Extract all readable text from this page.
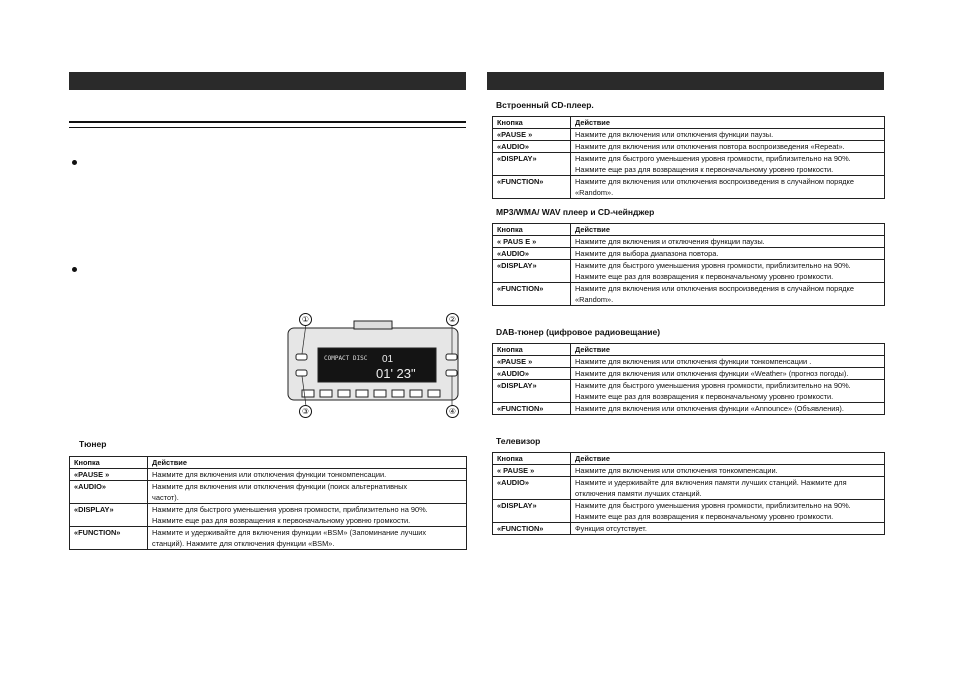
COMPACT DISC 01
01' 23"
①	②
③	④
Тюнер
Встроенный CD-плеер.
MP3/WMA/ WAV плеер и CD-чейнджер
DAB-тюнер (цифровое радиовещание)
Телевизор
Кнопка	Действие
«PAUSE »	Нажмите для включения или отключения функции тонкомпенсации.

«AUDIO»	Нажмите для включения или отключения функции (поиск альтернативных
частот).

«DISPLAY»	Нажмите для быстрого уменьшения уровня громкости, приблизительно на 90%.
Нажмите еще раз для возвращения к первоначальному уровню громкости.

«FUNCTION»	Нажмите и удерживайте для включения функции «BSM» (Запоминание лучших
станций). Нажмите для отключения функции «BSM».
Кнопка	Действие
«PAUSE »	Нажмите для включения или отключения функции паузы.

«AUDIO»	Нажмите для включения или отключения повтора воспроизведения «Repeat».

«DISPLAY»	Нажмите для быстрого уменьшения уровня громкости, приблизительно на 90%.
Нажмите еще раз для возвращения к первоначальному уровню громкости.

«FUNCTION»	Нажмите для включения или отключения воспроизведения в случайном порядке
«Random».
Кнопка	Действие
« PAUS E »	Нажмите для включения и отключения функции паузы.

«AUDIO»	Нажмите для выбора диапазона повтора.

«DISPLAY»	Нажмите для быстрого уменьшения уровня громкости, приблизительно на 90%.
Нажмите еще раз для возвращения к первоначальному уровню громкости.

«FUNCTION»	Нажмите для включения или отключения воспроизведения в случайном порядке
«Random».
Кнопка	Действие
«PAUSE »	Нажмите для включения или отключения функции тонкомпенсации .

«AUDIO»	Нажмите для включения или отключения функции «Weather» (прогноз погоды).

«DISPLAY»	Нажмите для быстрого уменьшения уровня громкости, приблизительно на 90%.
Нажмите еще раз для возвращения к первоначальному уровню громкости.

«FUNCTION»	Нажмите для включения или отключения функции «Announce» (Объявления).
Кнопка	Действие
« PAUSE »	Нажмите для включения или отключения тонкомпенсации.

«AUDIO»	Нажмите и удерживайте для включения памяти лучших станций. Нажмите для
отключения памяти лучших станций.

«DISPLAY»	Нажмите для быстрого уменьшения уровня громкости, приблизительно на 90%.
Нажмите еще раз для возвращения к первоначальному уровню громкости.

«FUNCTION»	Функция отсутствует.
